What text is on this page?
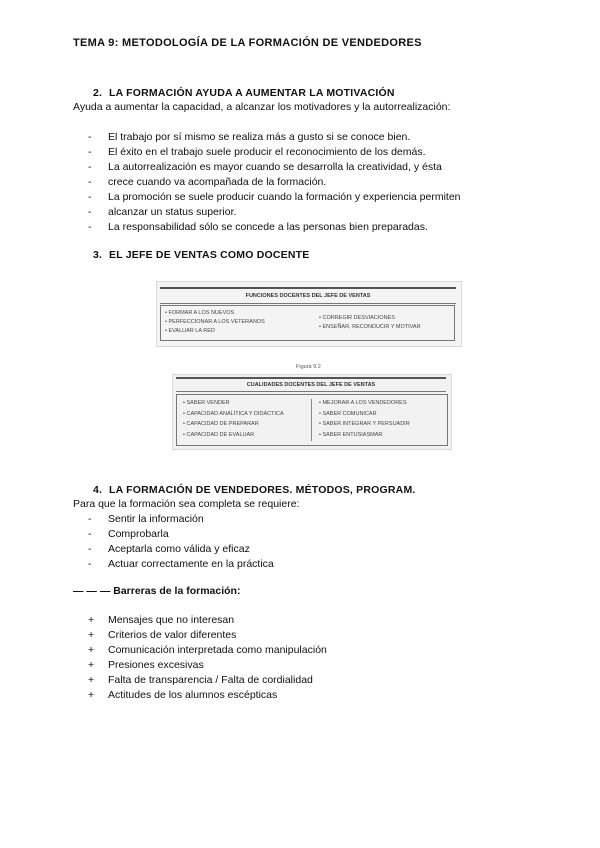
TEMA 9: METODOLOGÍA DE LA FORMACIÓN DE VENDEDORES
2. LA FORMACIÓN AYUDA A AUMENTAR LA MOTIVACIÓN
Ayuda a aumentar la capacidad, a alcanzar los motivadores y la autorrealización:
- El trabajo por sí mismo se realiza más a gusto si se conoce bien.
- El éxito en el trabajo suele producir el reconocimiento de los demás.
- La autorrealización es mayor cuando se desarrolla la creatividad, y ésta
- crece cuando va acompañada de la formación.
- La promoción se suele producir cuando la formación y experiencia permiten
- alcanzar un status superior.
- La responsabilidad sólo se concede a las personas bien preparadas.
3. EL JEFE DE VENTAS COMO DOCENTE
FUNCIONES DOCENTES DEL JEFE DE VENTAS
• FORMAR A LOS NUEVOS
• PERFECCIONAR A LOS VETERANOS
• EVALUAR LA RED
• CORREGIR DESVIACIONES
• ENSEÑAR, RECONDUCIR Y MOTIVAR
Figura 9.2
CUALIDADES DOCENTES DEL JEFE DE VENTAS
• SABER VENDER
• CAPACIDAD ANALÍTICA Y DIDÁCTICA
• CAPACIDAD DE PREPARAR
• CAPACIDAD DE EVALUAR
• MEJORAR A LOS VENDEDORES
• SABER COMUNICAR
• SABER INTEGRAR Y PERSUADIR
• SABER ENTUSIASMAR
4. LA FORMACIÓN DE VENDEDORES. MÉTODOS, PROGRAM.
Para que la formación sea completa se requiere:
- Sentir la información
- Comprobarla
- Aceptarla como válida y eficaz
- Actuar correctamente en la práctica
— — — Barreras de la formación:
+ Mensajes que no interesan
+ Criterios de valor diferentes
+ Comunicación interpretada como manipulación
+ Presiones excesivas
+ Falta de transparencia / Falta de cordialidad
+ Actitudes de los alumnos escépticas
